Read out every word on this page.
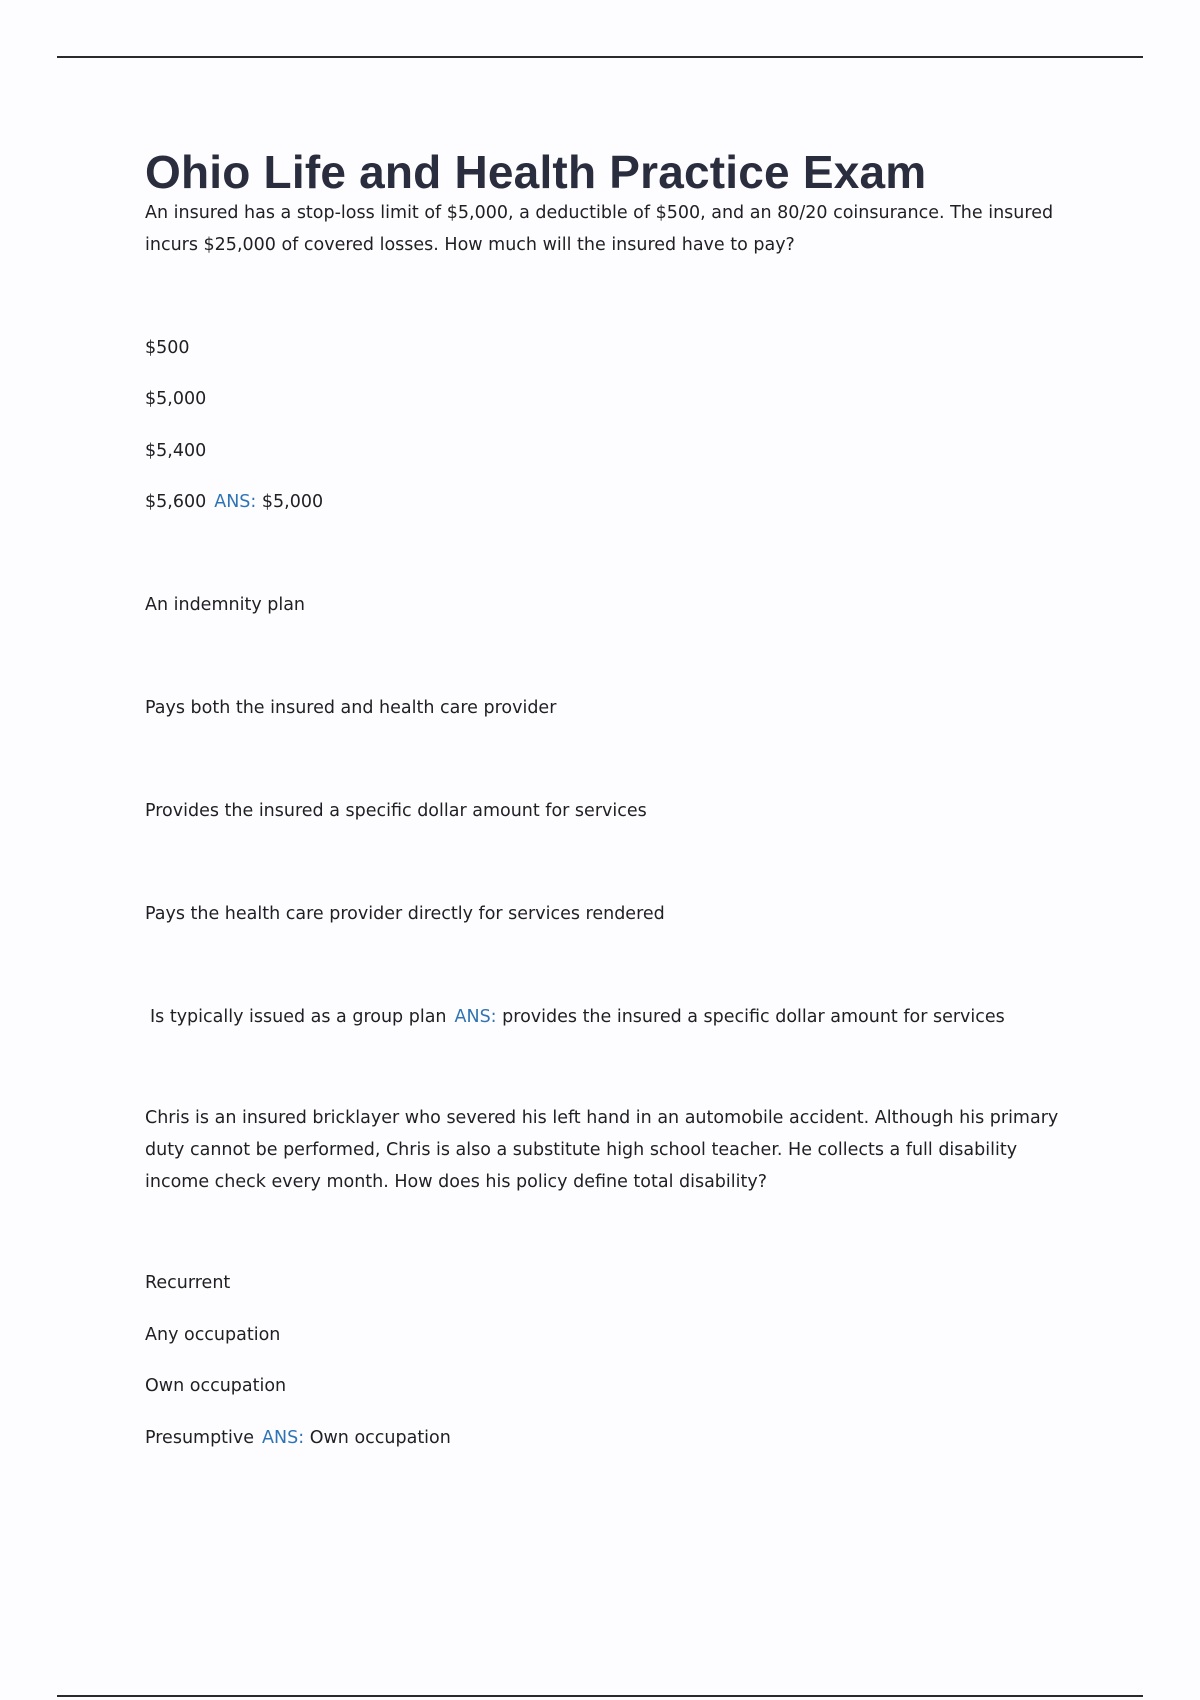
Ohio Life and Health Practice Exam
An insured has a stop-loss limit of $5,000, a deductible of $500, and an 80/20 coinsurance. The insured
incurs $25,000 of covered losses. How much will the insured have to pay?
$500
$5,000
$5,400
$5,600 ANS: $5,000
An indemnity plan
Pays both the insured and health care provider
Provides the insured a specific dollar amount for services
Pays the health care provider directly for services rendered
Is typically issued as a group plan ANS: provides the insured a specific dollar amount for services
Chris is an insured bricklayer who severed his left hand in an automobile accident. Although his primary
duty cannot be performed, Chris is also a substitute high school teacher. He collects a full disability
income check every month. How does his policy define total disability?
Recurrent
Any occupation
Own occupation
Presumptive ANS: Own occupation
